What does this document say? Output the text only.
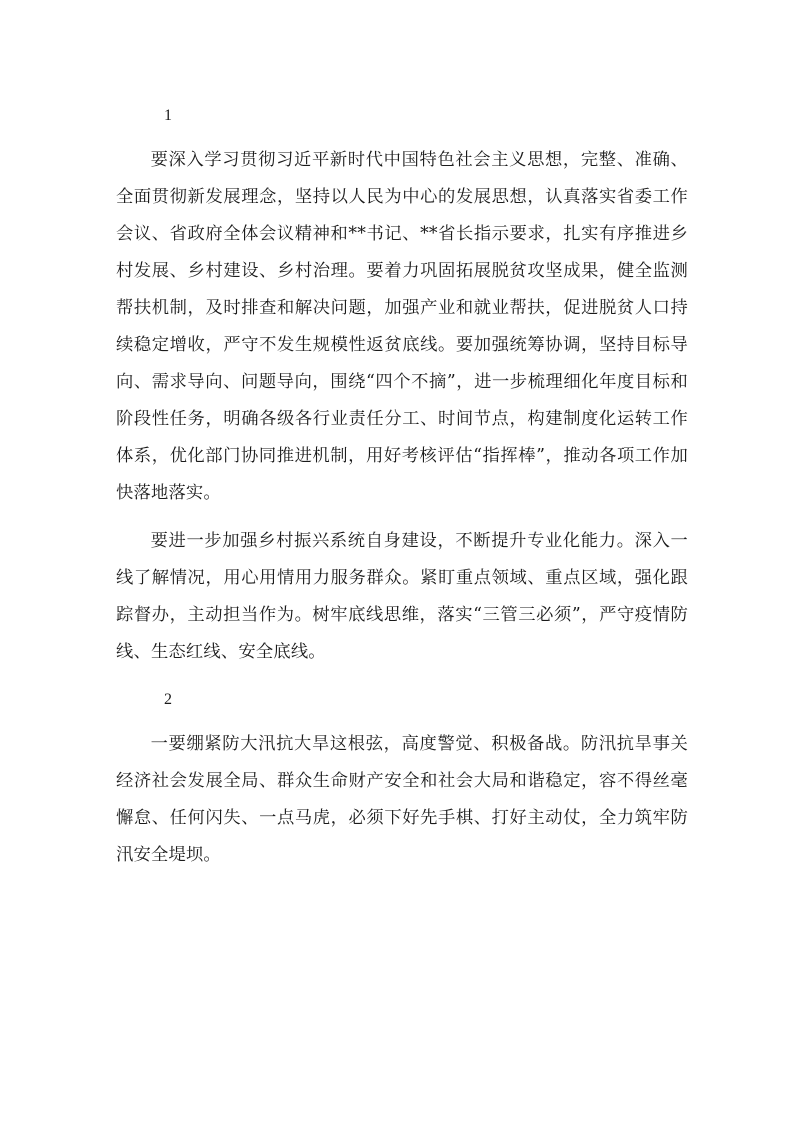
1

要深入学习贯彻习近平新时代中国特色社会主义思想，完整、准确、全面贯彻新发展理念，坚持以人民为中心的发展思想，认真落实省委工作会议、省政府全体会议精神和**书记、**省长指示要求，扎实有序推进乡村发展、乡村建设、乡村治理。要着力巩固拓展脱贫攻坚成果，健全监测帮扶机制，及时排查和解决问题，加强产业和就业帮扶，促进脱贫人口持续稳定增收，严守不发生规模性返贫底线。要加强统筹协调，坚持目标导向、需求导向、问题导向，围绕“四个不摘”，进一步梳理细化年度目标和阶段性任务，明确各级各行业责任分工、时间节点，构建制度化运转工作体系，优化部门协同推进机制，用好考核评估“指挥棒”，推动各项工作加快落地落实。

要进一步加强乡村振兴系统自身建设，不断提升专业化能力。深入一线了解情况，用心用情用力服务群众。紧盯重点领域、重点区域，强化跟踪督办，主动担当作为。树牢底线思维，落实“三管三必须”，严守疫情防线、生态红线、安全底线。

2

一要绷紧防大汛抗大旱这根弦，高度警觉、积极备战。防汛抗旱事关经济社会发展全局、群众生命财产安全和社会大局和谐稳定，容不得丝毫懈怠、任何闪失、一点马虎，必须下好先手棋、打好主动仗，全力筑牢防汛安全堤坝。
